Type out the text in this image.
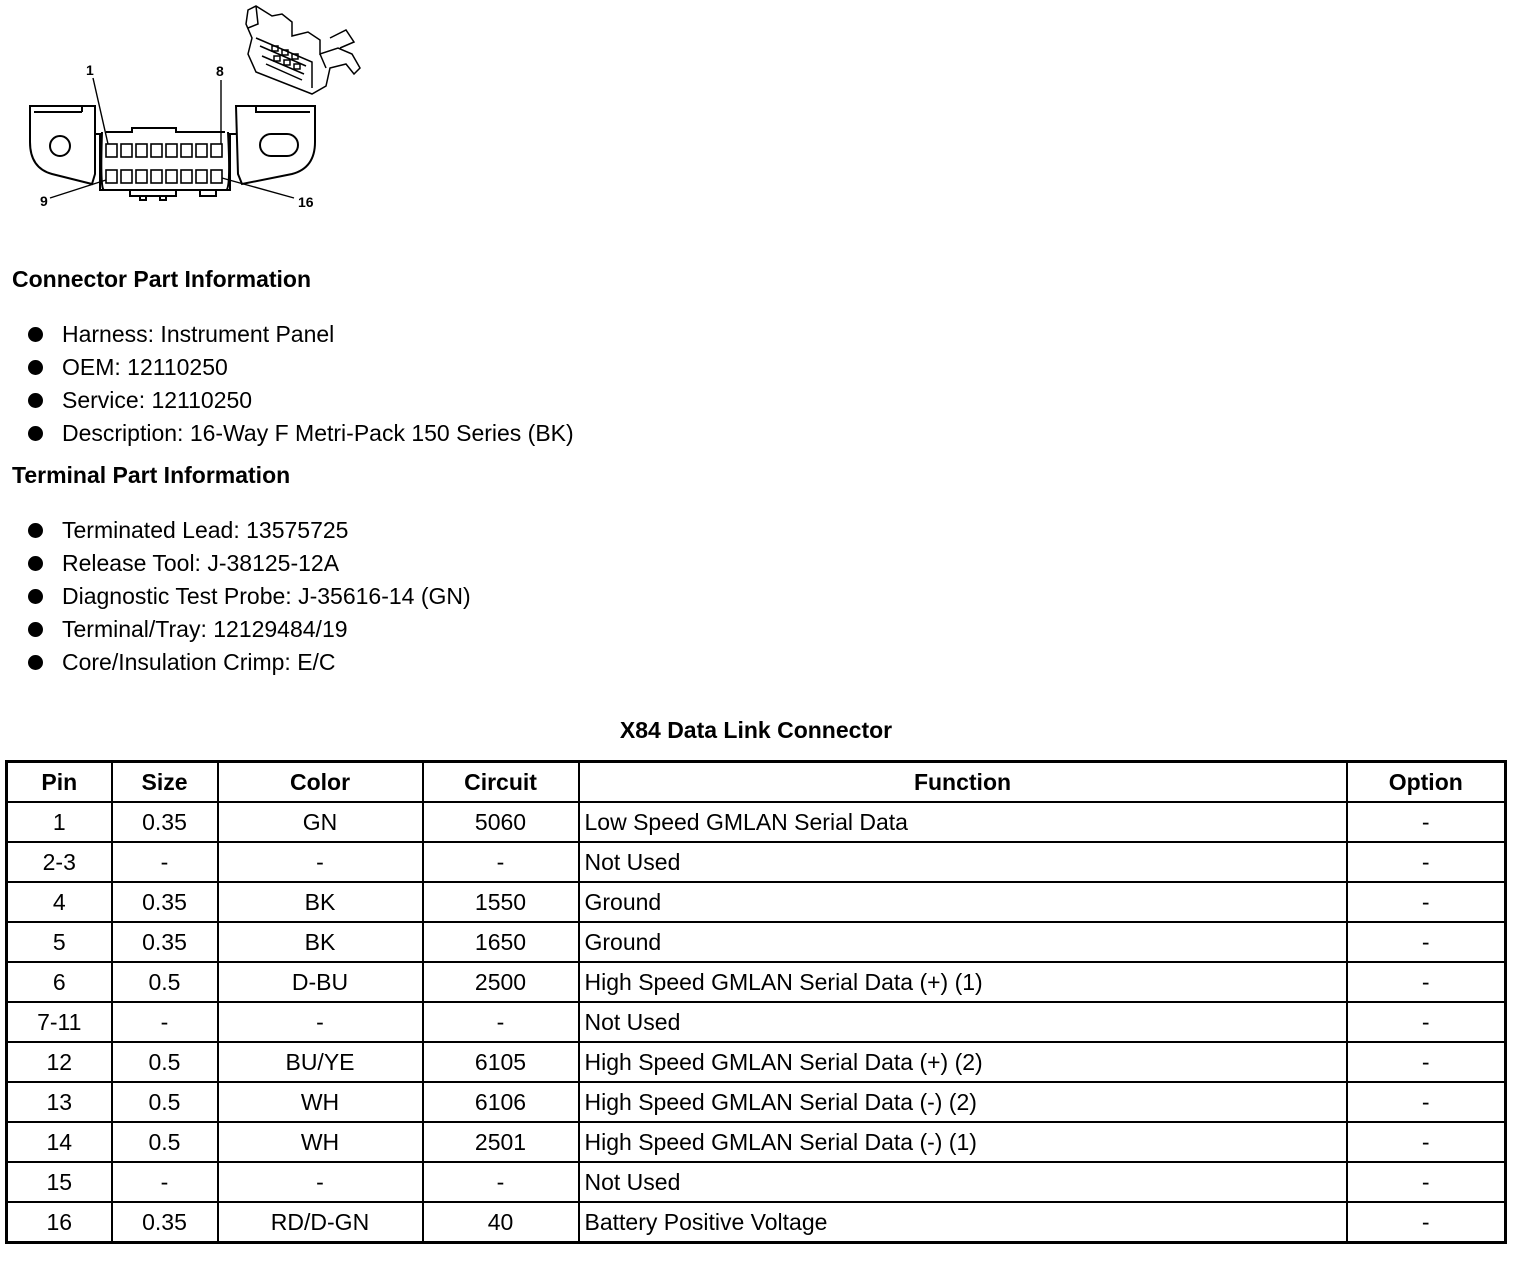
1	8
9	16
Connector Part Information
Harness: Instrument Panel
OEM: 12110250
Service: 12110250
Description: 16-Way F Metri-Pack 150 Series (BK)
Terminal Part Information
Terminated Lead: 13575725
Release Tool: J-38125-12A
Diagnostic Test Probe: J-35616-14 (GN)
Terminal/Tray: 12129484/19
Core/Insulation Crimp: E/C
X84 Data Link Connector
Pin	Size	Color	Circuit	Function	Option
1	0.35	GN	5060	Low Speed GMLAN Serial Data	-
2-3	-	-	-	Not Used	-
4	0.35	BK	1550	Ground	-
5	0.35	BK	1650	Ground	-
6	0.5	D-BU	2500	High Speed GMLAN Serial Data (+) (1)	-
7-11	-	-	-	Not Used	-
12	0.5	BU/YE	6105	High Speed GMLAN Serial Data (+) (2)	-
13	0.5	WH	6106	High Speed GMLAN Serial Data (-) (2)	-
14	0.5	WH	2501	High Speed GMLAN Serial Data (-) (1)	-
15	-	-	-	Not Used	-
16	0.35	RD/D-GN	40	Battery Positive Voltage	-
